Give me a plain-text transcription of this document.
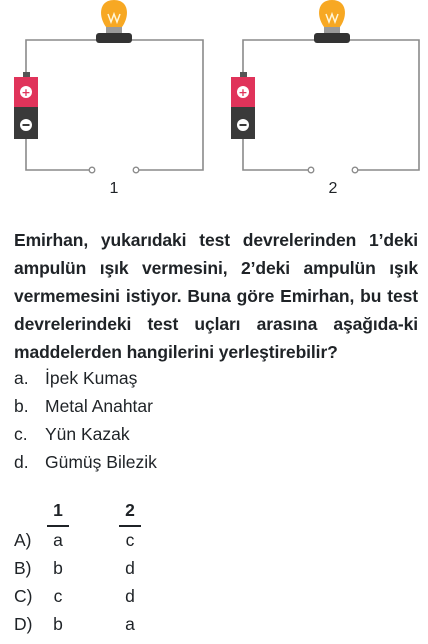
+
1
+
2
Emirhan, yukarıdaki test devrelerinden 1’deki ampulün ışık vermesini, 2’deki ampulün ışık vermemesini istiyor. Buna göre Emirhan, bu test devrelerindeki test uçları arasına aşağıda-ki maddelerden hangilerini yerleştirebilir?
a. İpek Kumaş
b. Metal Anahtar
c. Yün Kazak
d. Gümüş Bilezik
1	2
A) a	c
B) b	d
C) c	d
D) b	a
